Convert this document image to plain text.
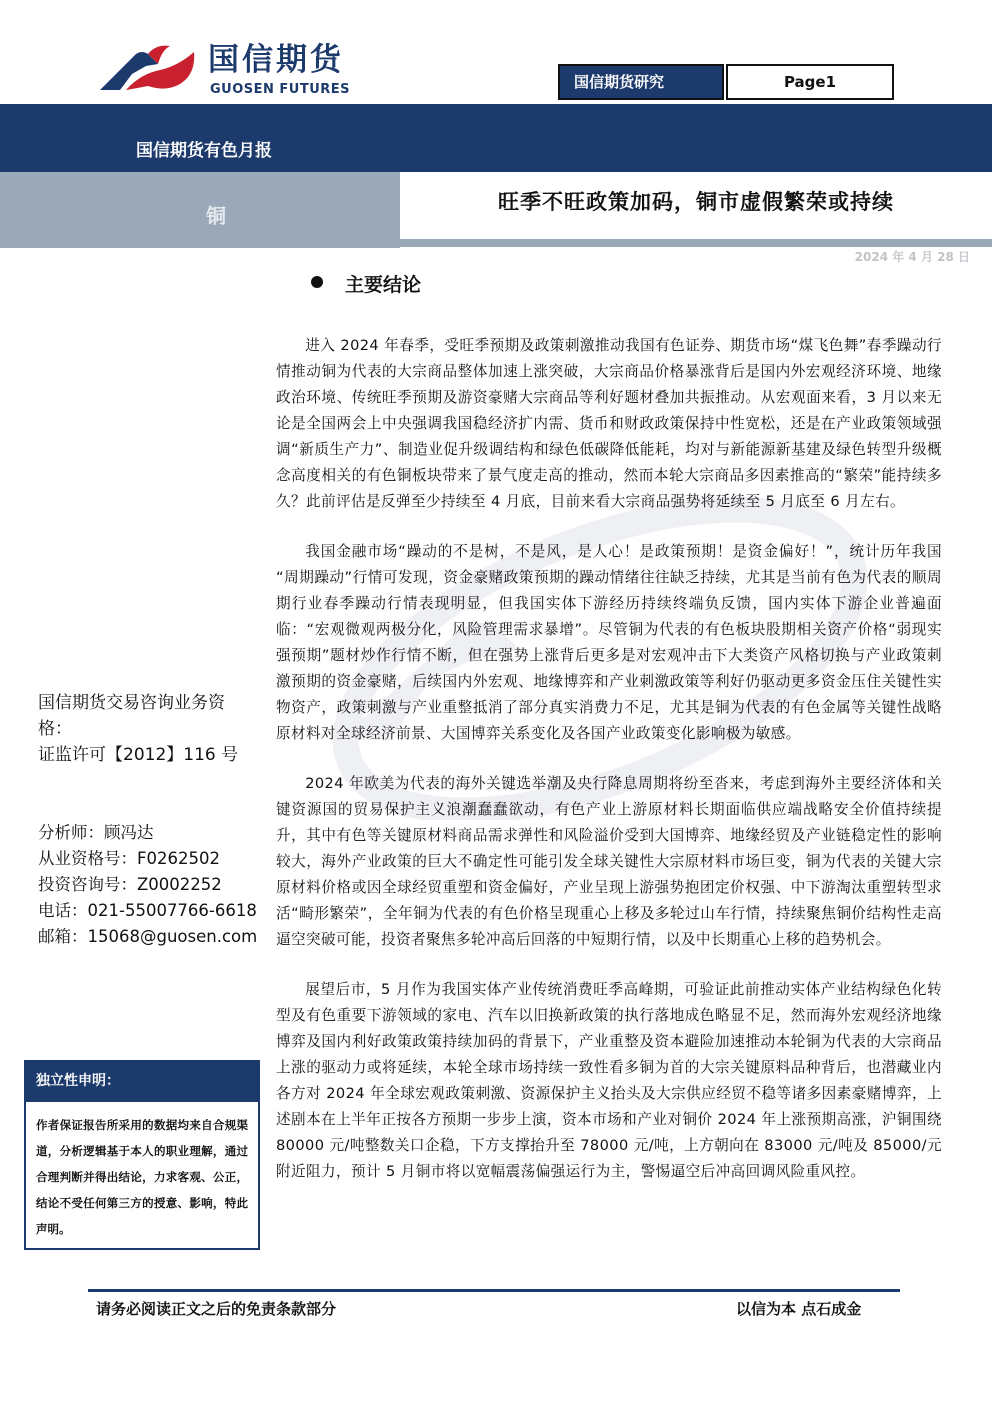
国信期货
GUOSEN FUTURES	国信期货研究	Page1
国信期货有色月报
铜
旺季不旺政策加码，铜市虚假繁荣或持续
2024 年 4 月 28 日
主要结论

进入 2024 年春季，受旺季预期及政策刺激推动我国有色证券、期货市场“煤飞色舞”春季躁动行情推动铜为代表的大宗商品整体加速上涨突破，大宗商品价格暴涨背后是国内外宏观经济环境、地缘政治环境、传统旺季预期及游资豪赌大宗商品等利好题材叠加共振推动。从宏观面来看，3 月以来无论是全国两会上中央强调我国稳经济扩内需、货币和财政政策保持中性宽松，还是在产业政策领域强调“新质生产力”、制造业促升级调结构和绿色低碳降低能耗，均对与新能源新基建及绿色转型升级概念高度相关的有色铜板块带来了景气度走高的推动，然而本轮大宗商品多因素推高的“繁荣”能持续多久？此前评估是反弹至少持续至 4 月底，目前来看大宗商品强势将延续至 5 月底至 6 月左右。

我国金融市场“躁动的不是树，不是风，是人心！是政策预期！是资金偏好！”，统计历年我国 “周期躁动”行情可发现，资金豪赌政策预期的躁动情绪往往缺乏持续，尤其是当前有色为代表的顺周期行业春季躁动行情表现明显，但我国实体下游经历持续终端负反馈，国内实体下游企业普遍面临：“宏观微观两极分化，风险管理需求暴增”。尽管铜为代表的有色板块股期相关资产价格“弱现实强预期”题材炒作行情不断，但在强势上涨背后更多是对宏观冲击下大类资产风格切换与产业政策刺激预期的资金豪赌，后续国内外宏观、地缘博弈和产业刺激政策等利好仍驱动更多资金压住关键性实物资产，政策刺激与产业重整抵消了部分真实消费力不足，尤其是铜为代表的有色金属等关键性战略原材料对全球经济前景、大国博弈关系变化及各国产业政策变化影响极为敏感。

2024 年欧美为代表的海外关键选举潮及央行降息周期将纷至沓来，考虑到海外主要经济体和关键资源国的贸易保护主义浪潮蠢蠢欲动，有色产业上游原材料长期面临供应端战略安全价值持续提升，其中有色等关键原材料商品需求弹性和风险溢价受到大国博弈、地缘经贸及产业链稳定性的影响较大，海外产业政策的巨大不确定性可能引发全球关键性大宗原材料市场巨变，铜为代表的关键大宗原材料价格或因全球经贸重塑和资金偏好，产业呈现上游强势抱团定价权强、中下游淘汰重塑转型求活“畸形繁荣”，全年铜为代表的有色价格呈现重心上移及多轮过山车行情，持续聚焦铜价结构性走高逼空突破可能，投资者聚焦多轮冲高后回落的中短期行情，以及中长期重心上移的趋势机会。

展望后市，5 月作为我国实体产业传统消费旺季高峰期，可验证此前推动实体产业结构绿色化转型及有色重要下游领域的家电、汽车以旧换新政策的执行落地成色略显不足，然而海外宏观经济地缘博弈及国内利好政策政策持续加码的背景下，产业重整及资本避险加速推动本轮铜为代表的大宗商品上涨的驱动力或将延续，本轮全球市场持续一致性看多铜为首的大宗关键原料品种背后，也潜藏业内各方对 2024 年全球宏观政策刺激、资源保护主义抬头及大宗供应经贸不稳等诸多因素豪赌博弈，上述剧本在上半年正按各方预期一步步上演，资本市场和产业对铜价 2024 年上涨预期高涨，沪铜围绕 80000 元/吨整数关口企稳，下方支撑抬升至 78000 元/吨，上方朝向在 83000 元/吨及 85000/元附近阻力，预计 5 月铜市将以宽幅震荡偏强运行为主，警惕逼空后冲高回调风险重风控。

国信期货交易咨询业务资
格：
证监许可【2012】116 号
分析师：顾冯达
从业资格号：F0262502
投资咨询号：Z0002252
电话：021-55007766-6618
邮箱：15068@guosen.com
独立性申明：
作者保证报告所采用的数据均来自合规渠道，分析逻辑基于本人的职业理解，通过合理判断并得出结论，力求客观、公正，结论不受任何第三方的授意、影响，特此声明。
请务必阅读正文之后的免责条款部分	以信为本 点石成金
